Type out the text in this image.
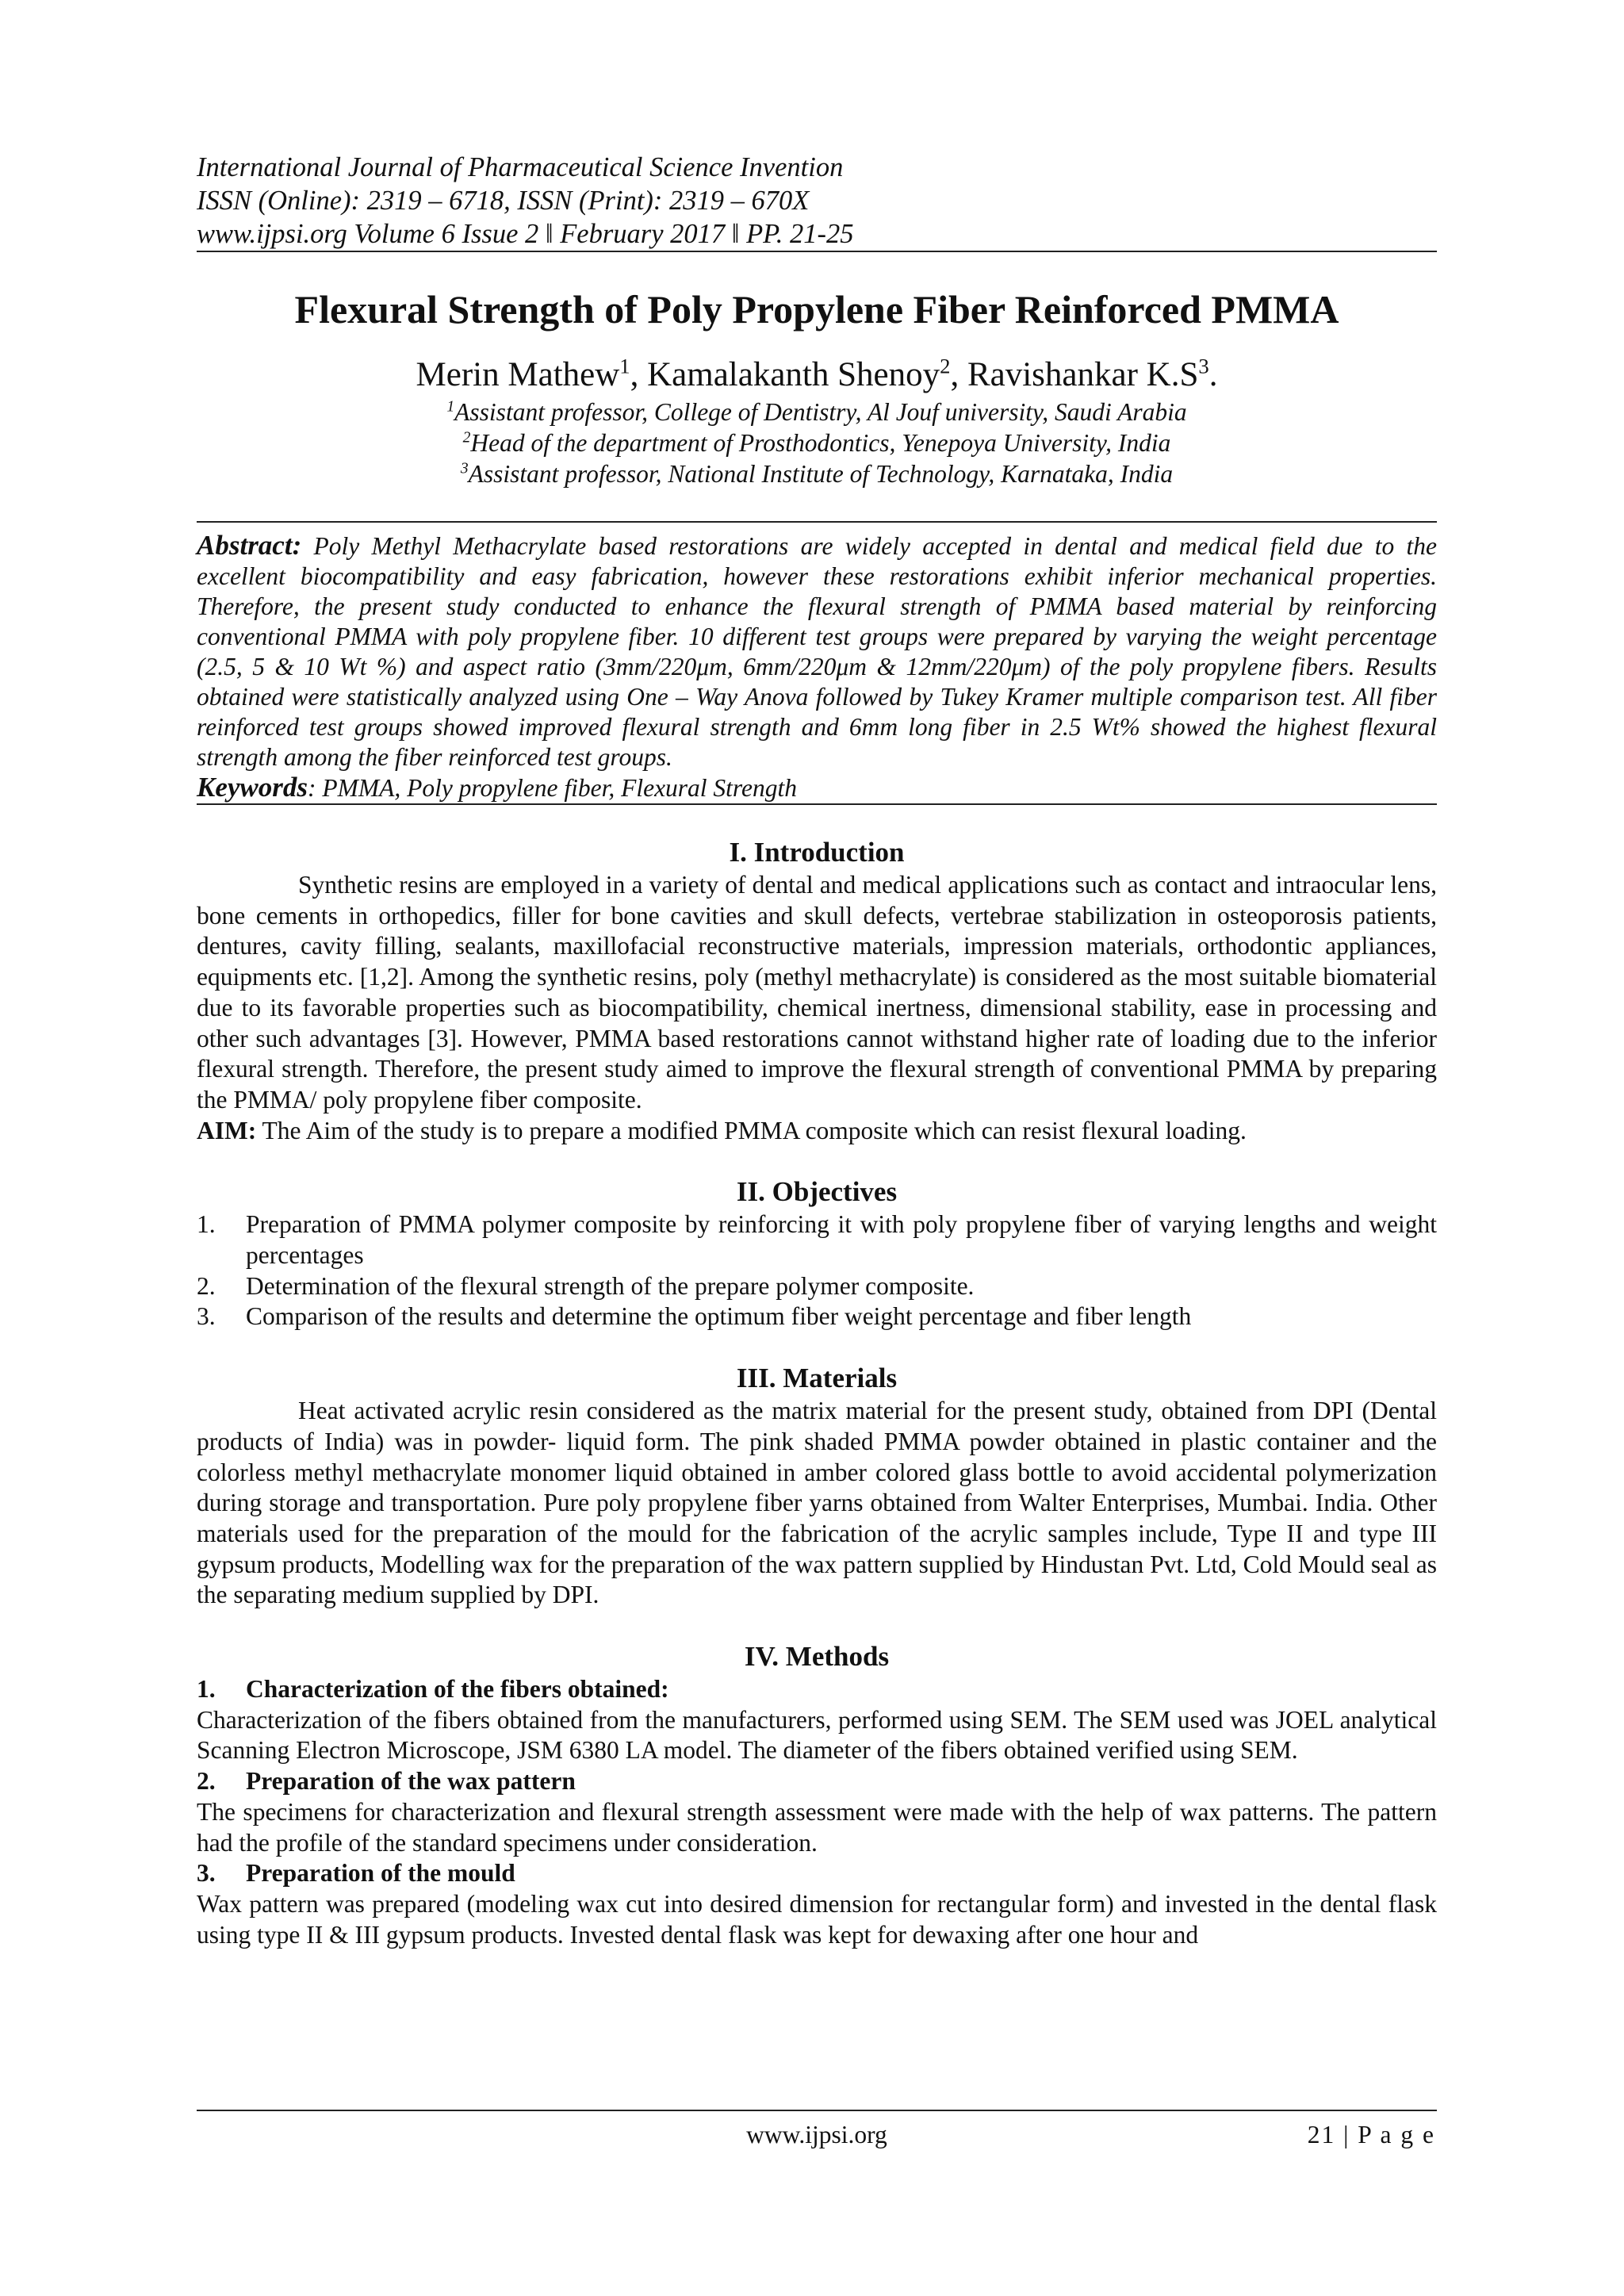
International Journal of Pharmaceutical Science Invention
ISSN (Online): 2319 – 6718, ISSN (Print): 2319 – 670X
www.ijpsi.org Volume 6 Issue 2 ǁ February 2017 ǁ PP. 21-25
Flexural Strength of Poly Propylene Fiber Reinforced PMMA
Merin Mathew$^1$, Kamalakanth Shenoy$^2$, Ravishankar $K.S^3$.
$^1$Assistant professor, College of Dentistry, Al Jouf university, Saudi Arabia
$^2$Head of the department of Prosthodontics, Yenepoya University, India
$^3$Assistant professor, National Institute of Technology, Karnataka, India
Abstract: Poly Methyl Methacrylate based restorations are widely accepted in dental and medical field due to the excellent biocompatibility and easy fabrication, however these restorations exhibit inferior mechanical properties. Therefore, the present study conducted to enhance the flexural strength of PMMA based material by reinforcing conventional PMMA with poly propylene fiber. 10 different test groups were prepared by varying the weight percentage (2.5, 5 & 10 Wt %) and aspect ratio (3mm/220μm, 6mm/220μm & 12mm/220μm) of the poly propylene fibers. Results obtained were statistically analyzed using One – Way Anova followed by Tukey Kramer multiple comparison test. All fiber reinforced test groups showed improved flexural strength and 6mm long fiber in 2.5 Wt% showed the highest flexural strength among the fiber reinforced test groups.
Keywords: PMMA, Poly propylene fiber, Flexural Strength
I. Introduction
Synthetic resins are employed in a variety of dental and medical applications such as contact and intraocular lens, bone cements in orthopedics, filler for bone cavities and skull defects, vertebrae stabilization in osteoporosis patients, dentures, cavity filling, sealants, maxillofacial reconstructive materials, impression materials, orthodontic appliances, equipments etc. [1,2]. Among the synthetic resins, poly (methyl methacrylate) is considered as the most suitable biomaterial due to its favorable properties such as biocompatibility, chemical inertness, dimensional stability, ease in processing and other such advantages [3]. However, PMMA based restorations cannot withstand higher rate of loading due to the inferior flexural strength. Therefore, the present study aimed to improve the flexural strength of conventional PMMA by preparing the PMMA/ poly propylene fiber composite.
AIM: The Aim of the study is to prepare a modified PMMA composite which can resist flexural loading.
II. Objectives
1. Preparation of PMMA polymer composite by reinforcing it with poly propylene fiber of varying lengths and weight percentages
2. Determination of the flexural strength of the prepare polymer composite.
3. Comparison of the results and determine the optimum fiber weight percentage and fiber length
III. Materials
Heat activated acrylic resin considered as the matrix material for the present study, obtained from DPI (Dental products of India) was in powder- liquid form. The pink shaded PMMA powder obtained in plastic container and the colorless methyl methacrylate monomer liquid obtained in amber colored glass bottle to avoid accidental polymerization during storage and transportation. Pure poly propylene fiber yarns obtained from Walter Enterprises, Mumbai. India. Other materials used for the preparation of the mould for the fabrication of the acrylic samples include, Type II and type III gypsum products, Modelling wax for the preparation of the wax pattern supplied by Hindustan Pvt. Ltd, Cold Mould seal as the separating medium supplied by DPI.
IV. Methods
1. Characterization of the fibers obtained:
Characterization of the fibers obtained from the manufacturers, performed using SEM. The SEM used was JOEL analytical Scanning Electron Microscope, JSM 6380 LA model. The diameter of the fibers obtained verified using SEM.
2. Preparation of the wax pattern
The specimens for characterization and flexural strength assessment were made with the help of wax patterns. The pattern had the profile of the standard specimens under consideration.
3. Preparation of the mould
Wax pattern was prepared (modeling wax cut into desired dimension for rectangular form) and invested in the dental flask using type II & III gypsum products. Invested dental flask was kept for dewaxing after one hour and
www.ijpsi.org	21 | P a g e
